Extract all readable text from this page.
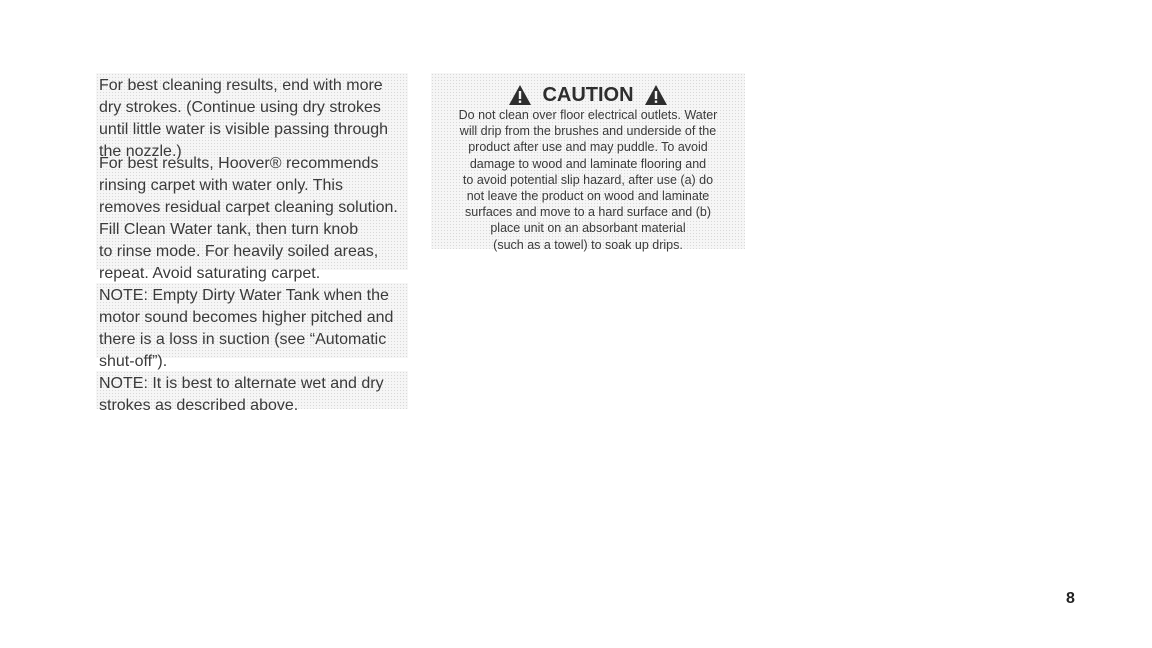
For best cleaning results, end with more
dry strokes. (Continue using dry strokes
until little water is visible passing through
the nozzle.)

For best results, Hoover® recommends
rinsing carpet with water only. This
removes residual carpet cleaning solution.
Fill Clean Water tank, then turn knob
to rinse mode. For heavily soiled areas,
repeat. Avoid saturating carpet.

NOTE: Empty Dirty Water Tank when the
motor sound becomes higher pitched and
there is a loss in suction (see “Automatic
shut-off”).

NOTE: It is best to alternate wet and dry
strokes as described above.

CAUTION

Do not clean over floor electrical outlets. Water
will drip from the brushes and underside of the
product after use and may puddle. To avoid
damage to wood and laminate flooring and
to avoid potential slip hazard, after use (a) do
not leave the product on wood and laminate
surfaces and move to a hard surface and (b)
place unit on an absorbant material
(such as a towel) to soak up drips.

8
